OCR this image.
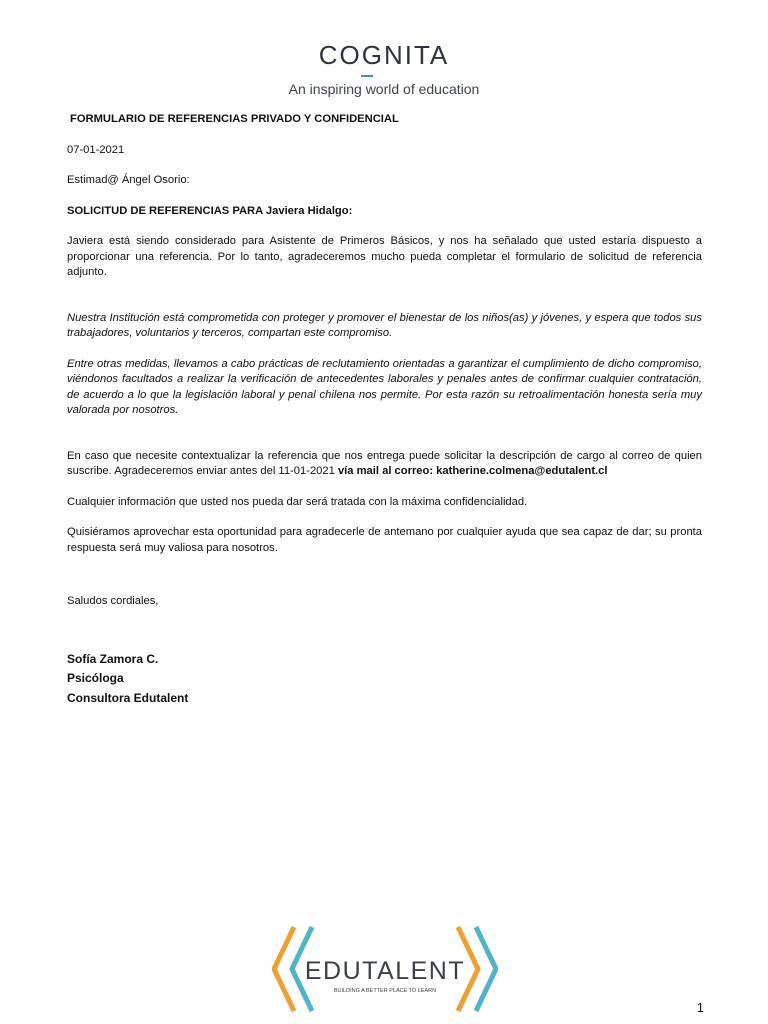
COGNITA
An inspiring world of education

FORMULARIO DE REFERENCIAS PRIVADO Y CONFIDENCIAL

07-01-2021

Estimad@ Ángel Osorio:

SOLICITUD DE REFERENCIAS PARA Javiera Hidalgo:

Javiera está siendo considerado para Asistente de Primeros Básicos, y nos ha señalado que usted estaría dispuesto a proporcionar una referencia. Por lo tanto, agradeceremos mucho pueda completar el formulario de solicitud de referencia adjunto.

Nuestra Institución está comprometida con proteger y promover el bienestar de los niños(as) y jóvenes, y espera que todos sus trabajadores, voluntarios y terceros, compartan este compromiso.

Entre otras medidas, llevamos a cabo prácticas de reclutamiento orientadas a garantizar el cumplimiento de dicho compromiso, viéndonos facultados a realizar la verificación de antecedentes laborales y penales antes de confirmar cualquier contratación, de acuerdo a lo que la legislación laboral y penal chilena nos permite. Por esta razón su retroalimentación honesta sería muy valorada por nosotros.

En caso que necesite contextualizar la referencia que nos entrega puede solicitar la descripción de cargo al correo de quien suscribe. Agradeceremos enviar antes del 11-01-2021 vía mail al correo: katherine.colmena@edutalent.cl

Cualquier información que usted nos pueda dar será tratada con la máxima confidencialidad.

Quisiéramos aprovechar esta oportunidad para agradecerle de antemano por cualquier ayuda que sea capaz de dar; su pronta respuesta será muy valiosa para nosotros.

Saludos cordiales,

Sofía Zamora C.
Psicóloga
Consultora Edutalent
EDUTALENT
BUILDING A BETTER PLACE TO LEARN
1
